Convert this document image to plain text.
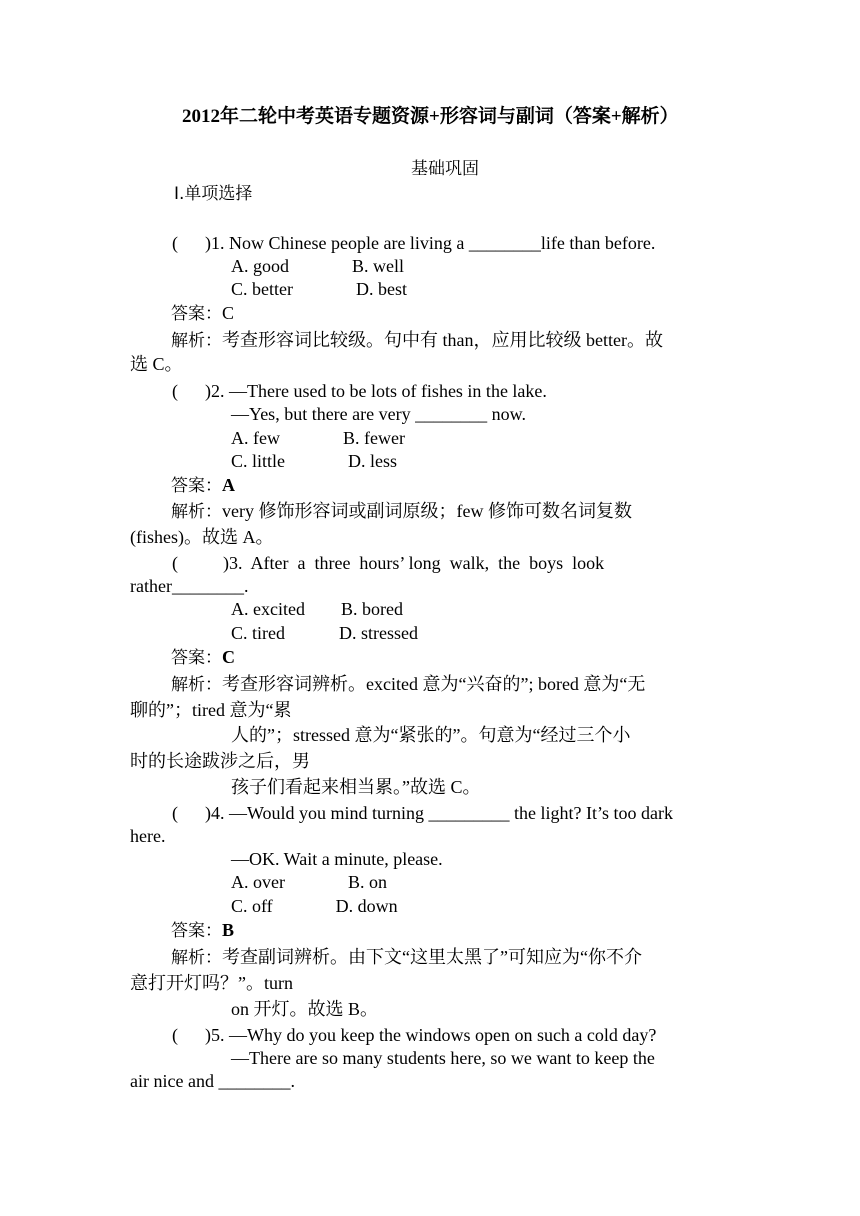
2012年二轮中考英语专题资源+形容词与副词（答案+解析）
基础巩固
Ⅰ.单项选择
(      )1. Now Chinese people are living a ________life than before.
A. good              B. well
C. better              D. best
答案：C
解析：考查形容词比较级。句中有 than，应用比较级 better。故
选 C。
(      )2. —There used to be lots of fishes in the lake.
—Yes, but there are very ________ now.
A. few              B. fewer
C. little              D. less
答案：A
解析：very 修饰形容词或副词原级；few 修饰可数名词复数
(fishes)。故选 A。
(          )3.  After  a  three  hours’ long  walk,  the  boys  look
rather________.
A. excited        B. bored
C. tired            D. stressed
答案：C
解析：考查形容词辨析。excited 意为“兴奋的”; bored 意为“无
聊的”；tired 意为“累
人的”；stressed 意为“紧张的”。句意为“经过三个小
时的长途跋涉之后，男
孩子们看起来相当累。”故选 C。
(      )4. —Would you mind turning _________ the light? It’s too dark
here.
—OK. Wait a minute, please.
A. over              B. on
C. off              D. down
答案：B
解析：考查副词辨析。由下文“这里太黑了”可知应为“你不介
意打开灯吗？”。turn
on 开灯。故选 B。
(      )5. —Why do you keep the windows open on such a cold day?
—There are so many students here, so we want to keep the
air nice and ________.
